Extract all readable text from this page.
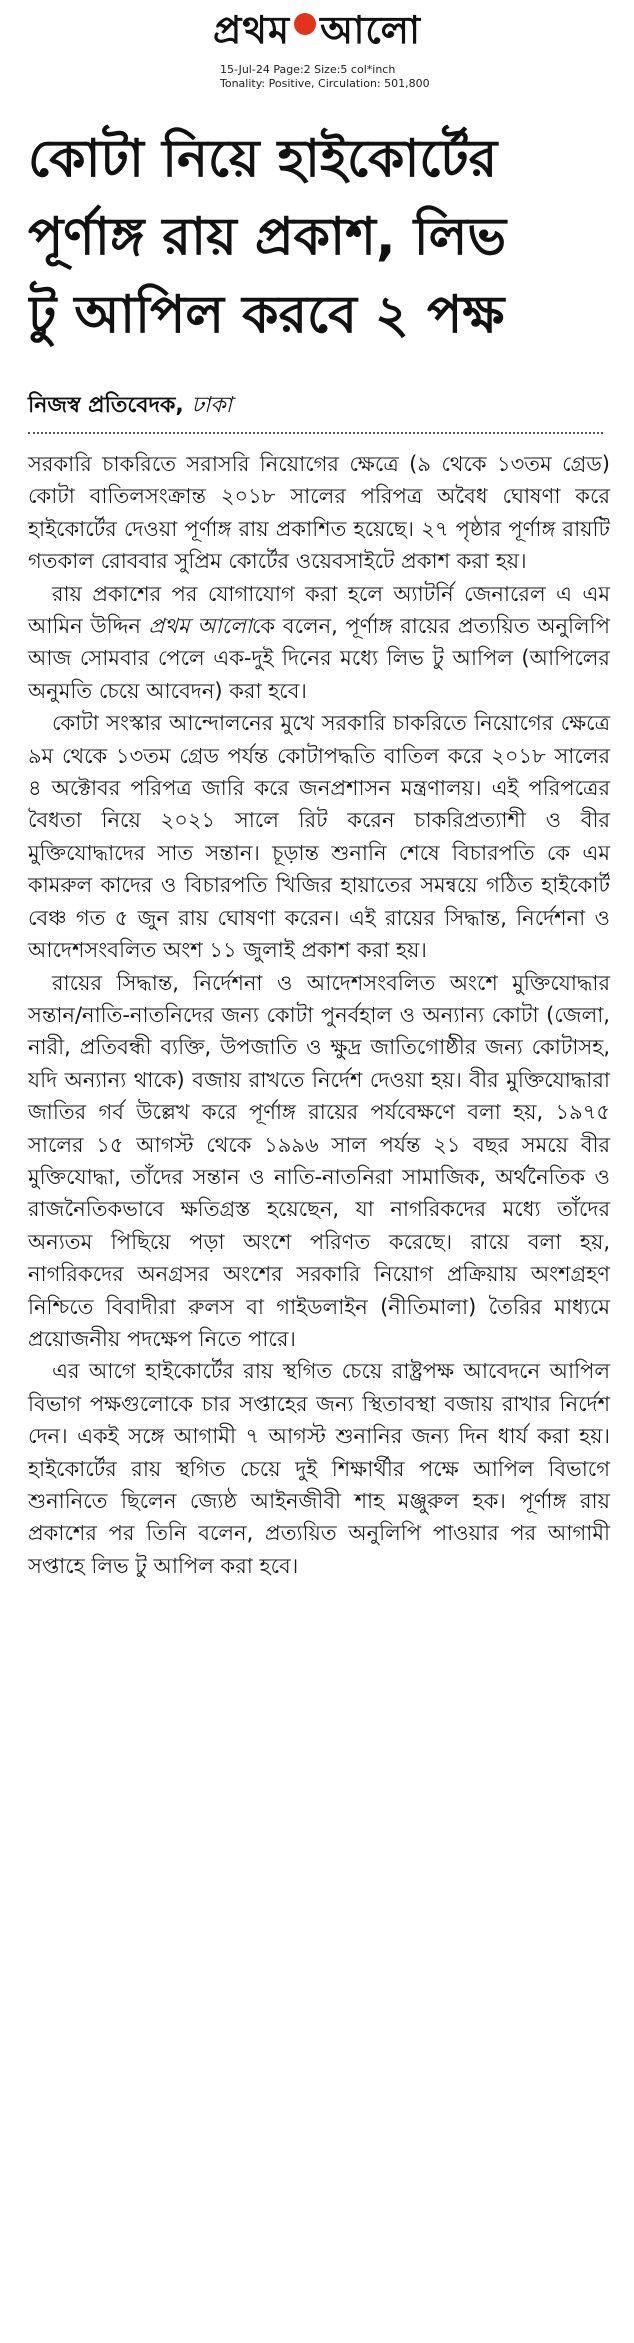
প্রথম আলো
15-Jul-24 Page:2 Size:5 col*inch
Tonality: Positive, Circulation: 501,800
কোটা নিয়ে হাইকোর্টের
পূর্ণাঙ্গ রায় প্রকাশ, লিভ
টু আপিল করবে ২ পক্ষ
নিজস্ব প্রতিবেদক, ঢাকা

সরকারি চাকরিতে সরাসরি নিয়োগের ক্ষেত্রে (৯ থেকে ১৩তম গ্রেড) কোটা বাতিলসংক্রান্ত ২০১৮ সালের পরিপত্র অবৈধ ঘোষণা করে হাইকোর্টের দেওয়া পূর্ণাঙ্গ রায় প্রকাশিত হয়েছে। ২৭ পৃষ্ঠার পূর্ণাঙ্গ রায়টি গতকাল রোববার সুপ্রিম কোর্টের ওয়েবসাইটে প্রকাশ করা হয়।

রায় প্রকাশের পর যোগাযোগ করা হলে অ্যাটর্নি জেনারেল এ এম আমিন উদ্দিন প্রথম আলোকে বলেন, পূর্ণাঙ্গ রায়ের প্রত্যয়িত অনুলিপি আজ সোমবার পেলে এক-দুই দিনের মধ্যে লিভ টু আপিল (আপিলের অনুমতি চেয়ে আবেদন) করা হবে।

কোটা সংস্কার আন্দোলনের মুখে সরকারি চাকরিতে নিয়োগের ক্ষেত্রে ৯ম থেকে ১৩তম গ্রেড পর্যন্ত কোটাপদ্ধতি বাতিল করে ২০১৮ সালের ৪ অক্টোবর পরিপত্র জারি করে জনপ্রশাসন মন্ত্রণালয়। এই পরিপত্রের বৈধতা নিয়ে ২০২১ সালে রিট করেন চাকরিপ্রত্যাশী ও বীর মুক্তিযোদ্ধাদের সাত সন্তান। চূড়ান্ত শুনানি শেষে বিচারপতি কে এম কামরুল কাদের ও বিচারপতি খিজির হায়াতের সমন্বয়ে গঠিত হাইকোর্ট বেঞ্চ গত ৫ জুন রায় ঘোষণা করেন। এই রায়ের সিদ্ধান্ত, নির্দেশনা ও আদেশসংবলিত অংশ ১১ জুলাই প্রকাশ করা হয়।

রায়ের সিদ্ধান্ত, নির্দেশনা ও আদেশসংবলিত অংশে মুক্তিযোদ্ধার সন্তান/নাতি-নাতনিদের জন্য কোটা পুনর্বহাল ও অন্যান্য কোটা (জেলা, নারী, প্রতিবন্ধী ব্যক্তি, উপজাতি ও ক্ষুদ্র জাতিগোষ্ঠীর জন্য কোটাসহ, যদি অন্যান্য থাকে) বজায় রাখতে নির্দেশ দেওয়া হয়। বীর মুক্তিযোদ্ধারা জাতির গর্ব উল্লেখ করে পূর্ণাঙ্গ রায়ের পর্যবেক্ষণে বলা হয়, ১৯৭৫ সালের ১৫ আগস্ট থেকে ১৯৯৬ সাল পর্যন্ত ২১ বছর সময়ে বীর মুক্তিযোদ্ধা, তাঁদের সন্তান ও নাতি-নাতনিরা সামাজিক, অর্থনৈতিক ও রাজনৈতিকভাবে ক্ষতিগ্রস্ত হয়েছেন, যা নাগরিকদের মধ্যে তাঁদের অন্যতম পিছিয়ে পড়া অংশে পরিণত করেছে। রায়ে বলা হয়, নাগরিকদের অনগ্রসর অংশের সরকারি নিয়োগ প্রক্রিয়ায় অংশগ্রহণ নিশ্চিতে বিবাদীরা রুলস বা গাইডলাইন (নীতিমালা) তৈরির মাধ্যমে প্রয়োজনীয় পদক্ষেপ নিতে পারে।

এর আগে হাইকোর্টের রায় স্থগিত চেয়ে রাষ্ট্রপক্ষ আবেদনে আপিল বিভাগ পক্ষগুলোকে চার সপ্তাহের জন্য স্থিতাবস্থা বজায় রাখার নির্দেশ দেন। একই সঙ্গে আগামী ৭ আগস্ট শুনানির জন্য দিন ধার্য করা হয়। হাইকোর্টের রায় স্থগিত চেয়ে দুই শিক্ষার্থীর পক্ষে আপিল বিভাগে শুনানিতে ছিলেন জ্যেষ্ঠ আইনজীবী শাহ মঞ্জুরুল হক। পূর্ণাঙ্গ রায় প্রকাশের পর তিনি বলেন, প্রত্যয়িত অনুলিপি পাওয়ার পর আগামী সপ্তাহে লিভ টু আপিল করা হবে।
